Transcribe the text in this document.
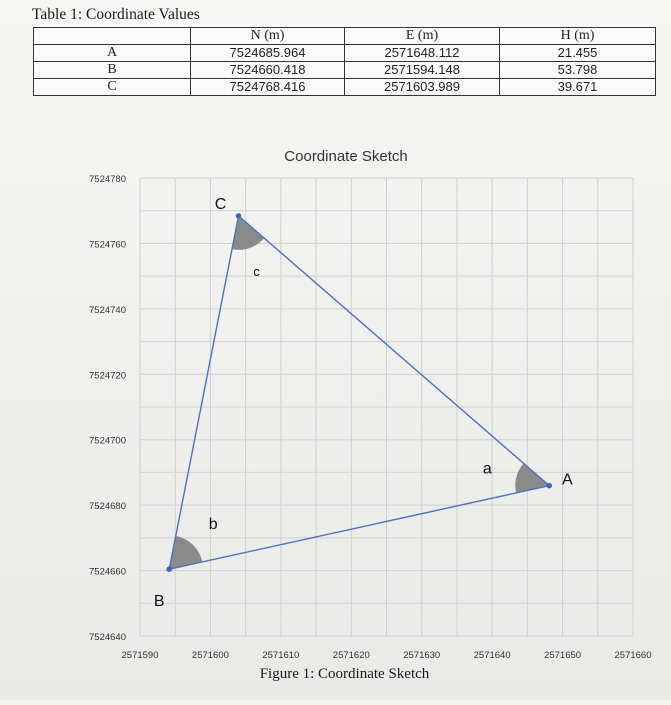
Table 1: Coordinate Values
	N (m)	E (m)	H (m)
A	7524685.964	2571648.112	21.455
B	7524660.418	2571594.148	53.798
C	7524768.416	2571603.989	39.671
Coordinate Sketch
7524640
7524660
7524680
7524700
7524720
7524740
7524760
7524780
2571590	2571600	2571610	2571620	2571630	2571640	2571650	2571660
A
B
C
a
b
c
Figure 1: Coordinate Sketch
